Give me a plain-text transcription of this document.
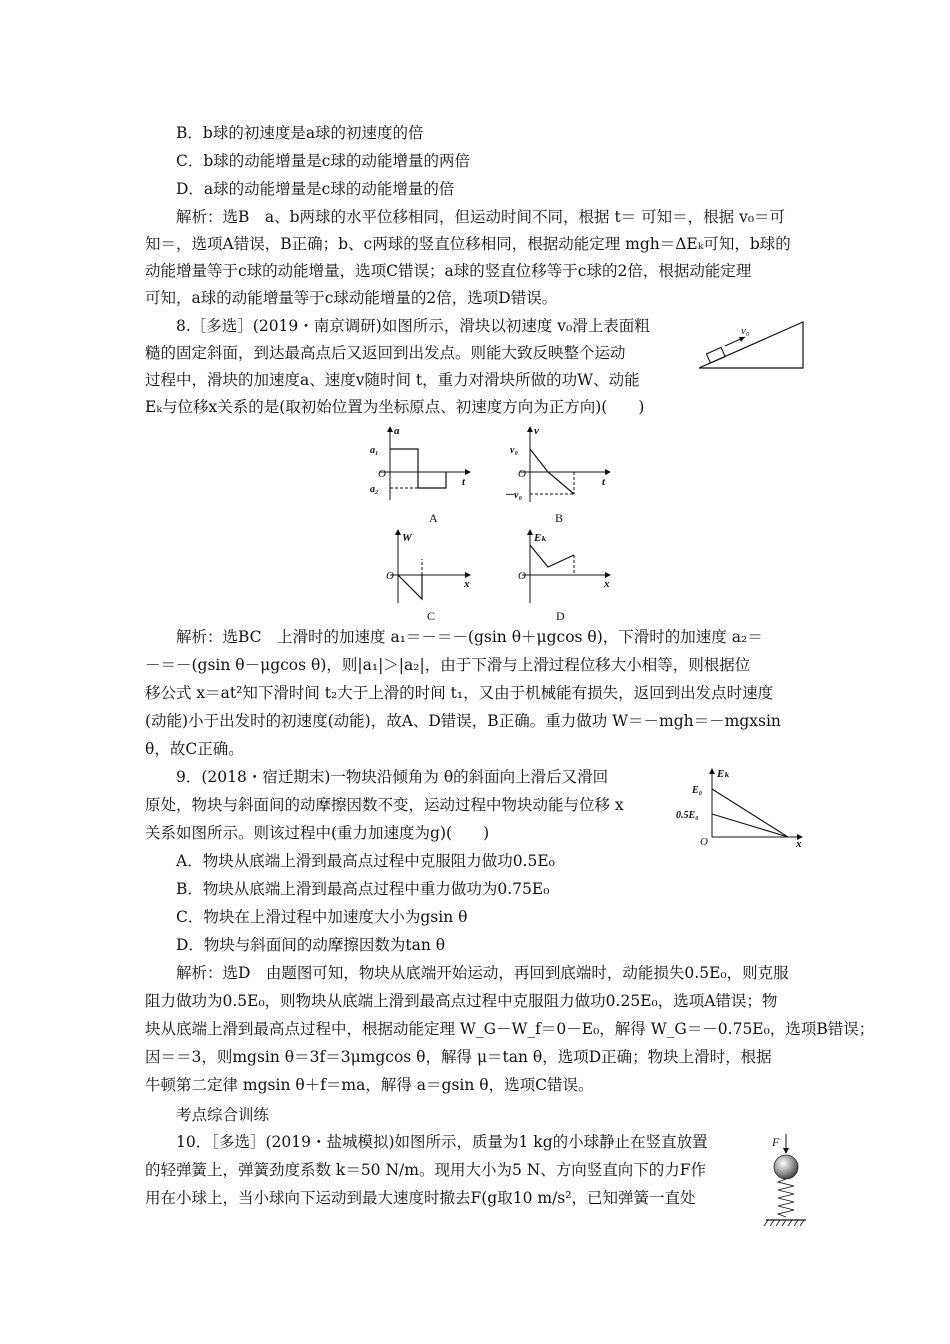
B．b球的初速度是a球的初速度的倍
C．b球的动能增量是c球的动能增量的两倍
D．a球的动能增量是c球的动能增量的倍
解析：选B　a、b两球的水平位移相同，但运动时间不同，根据 t＝ 可知＝，根据 v₀＝可
知＝，选项A错误，B正确；b、c两球的竖直位移相同，根据动能定理 mgh＝ΔEₖ可知，b球的
动能增量等于c球的动能增量，选项C错误；a球的竖直位移等于c球的2倍，根据动能定理
可知，a球的动能增量等于c球动能增量的2倍，选项D错误。
8.［多选］(2019・南京调研)如图所示，滑块以初速度 v₀滑上表面粗
糙的固定斜面，到达最高点后又返回到出发点。则能大致反映整个运动
过程中，滑块的加速度a、速度v随时间 t，重力对滑块所做的功W、动能
Eₖ与位移x关系的是(取初始位置为坐标原点、初速度方向为正方向)(　　)
解析：选BC　上滑时的加速度 a₁＝－＝－(gsin θ＋μgcos θ)，下滑时的加速度 a₂＝
－＝－(gsin θ－μgcos θ)，则|a₁|＞|a₂|，由于下滑与上滑过程位移大小相等，则根据位
移公式 x＝at²知下滑时间 t₂大于上滑的时间 t₁，又由于机械能有损失，返回到出发点时速度
(动能)小于出发时的初速度(动能)，故A、D错误，B正确。重力做功 W＝－mgh＝－mgxsin
θ，故C正确。
9．(2018・宿迁期末)一物块沿倾角为 θ的斜面向上滑后又滑回
原处，物块与斜面间的动摩擦因数不变，运动过程中物块动能与位移 x
关系如图所示。则该过程中(重力加速度为g)(　　)
A．物块从底端上滑到最高点过程中克服阻力做功0.5E₀
B．物块从底端上滑到最高点过程中重力做功为0.75E₀
C．物块在上滑过程中加速度大小为gsin θ
D．物块与斜面间的动摩擦因数为tan θ
解析：选D　由题图可知，物块从底端开始运动，再回到底端时，动能损失0.5E₀，则克服
阻力做功为0.5E₀，则物块从底端上滑到最高点过程中克服阻力做功0.25E₀，选项A错误；物
块从底端上滑到最高点过程中，根据动能定理 W_G－W_f＝0－E₀，解得 W_G＝－0.75E₀，选项B错误；
因＝＝3，则mgsin θ＝3f＝3μmgcos θ，解得 μ＝tan θ，选项D正确；物块上滑时，根据
牛顿第二定律 mgsin θ＋f＝ma，解得 a＝gsin θ，选项C错误。
考点综合训练
10．［多选］(2019・盐城模拟)如图所示，质量为1 kg的小球静止在竖直放置
的轻弹簧上，弹簧劲度系数 k＝50 N/m。现用大小为5 N、方向竖直向下的力F作
用在小球上，当小球向下运动到最大速度时撤去F(g取10 m/s²，已知弹簧一直处
v₀
a
t
O
a₁
a₂
A
v
t
O
v₀
－v₀
B
W
x
O
C
Eₖ
x
O
D
Eₖ
x
O
E₀
0.5E₀
F
